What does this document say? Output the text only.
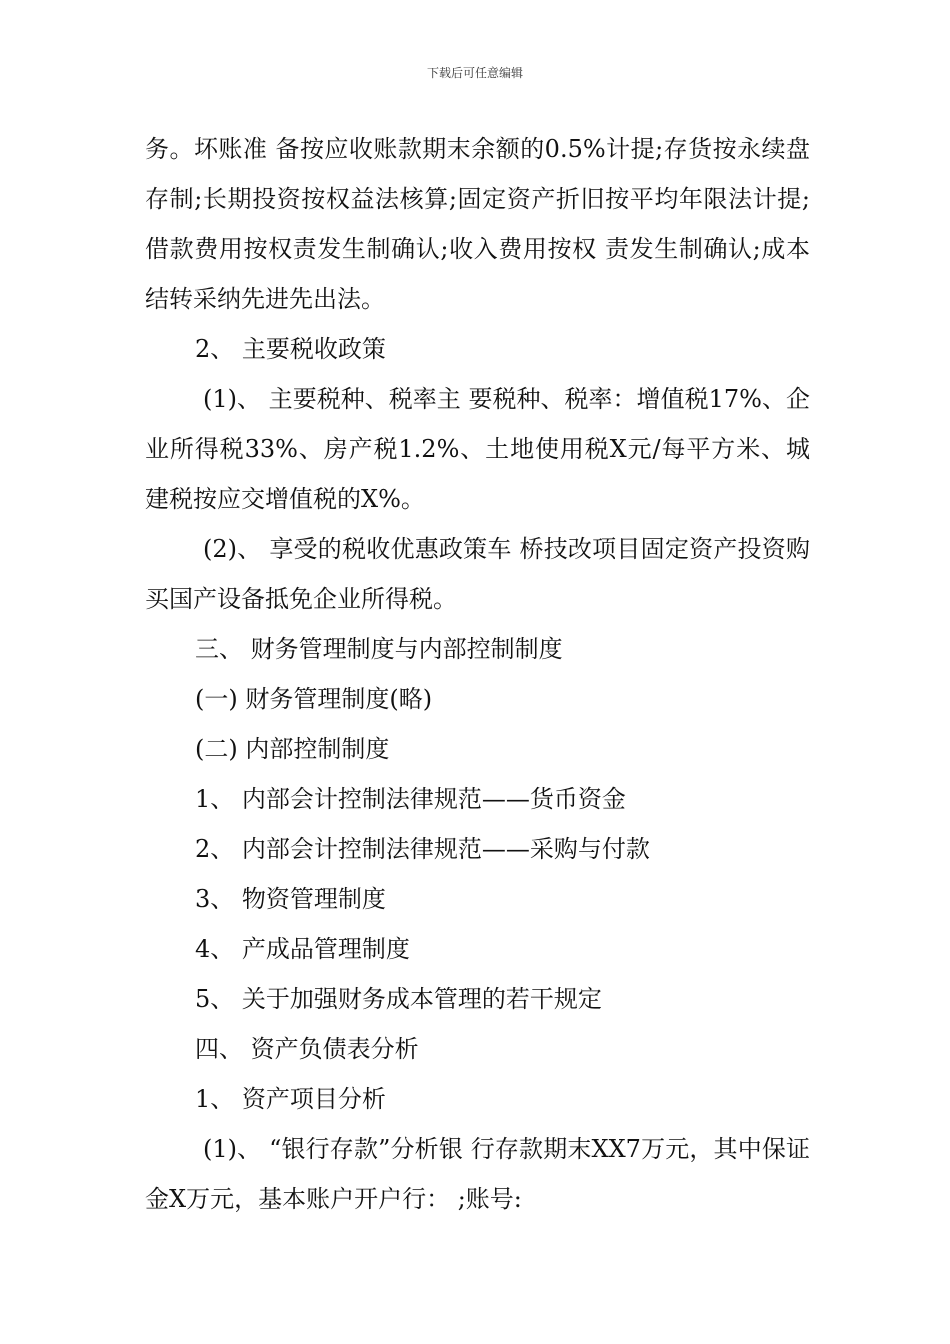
下载后可任意编辑

务。坏账准 备按应收账款期末余额的0.5%计提;存货按永续盘存制;长期投资按权益法核算;固定资产折旧按平均年限法计提;借款费用按权责发生制确认;收入费用按权 责发生制确认;成本结转采纳先进先出法。

2、 主要税收政策

(1)、 主要税种、税率主 要税种、税率：增值税17%、企业所得税33%、房产税1.2%、土地使用税X元/每平方米、城建税按应交增值税的X%。

(2)、 享受的税收优惠政策车 桥技改项目固定资产投资购买国产设备抵免企业所得税。

三、 财务管理制度与内部控制制度

(一) 财务管理制度(略)

(二) 内部控制制度

1、 内部会计控制法律规范——货币资金

2、 内部会计控制法律规范——采购与付款

3、 物资管理制度

4、 产成品管理制度

5、 关于加强财务成本管理的若干规定

四、 资产负债表分析

1、 资产项目分析

(1)、 “银行存款”分析银 行存款期末XX7万元，其中保证金X万元，基本账户开户行： ;账号:
